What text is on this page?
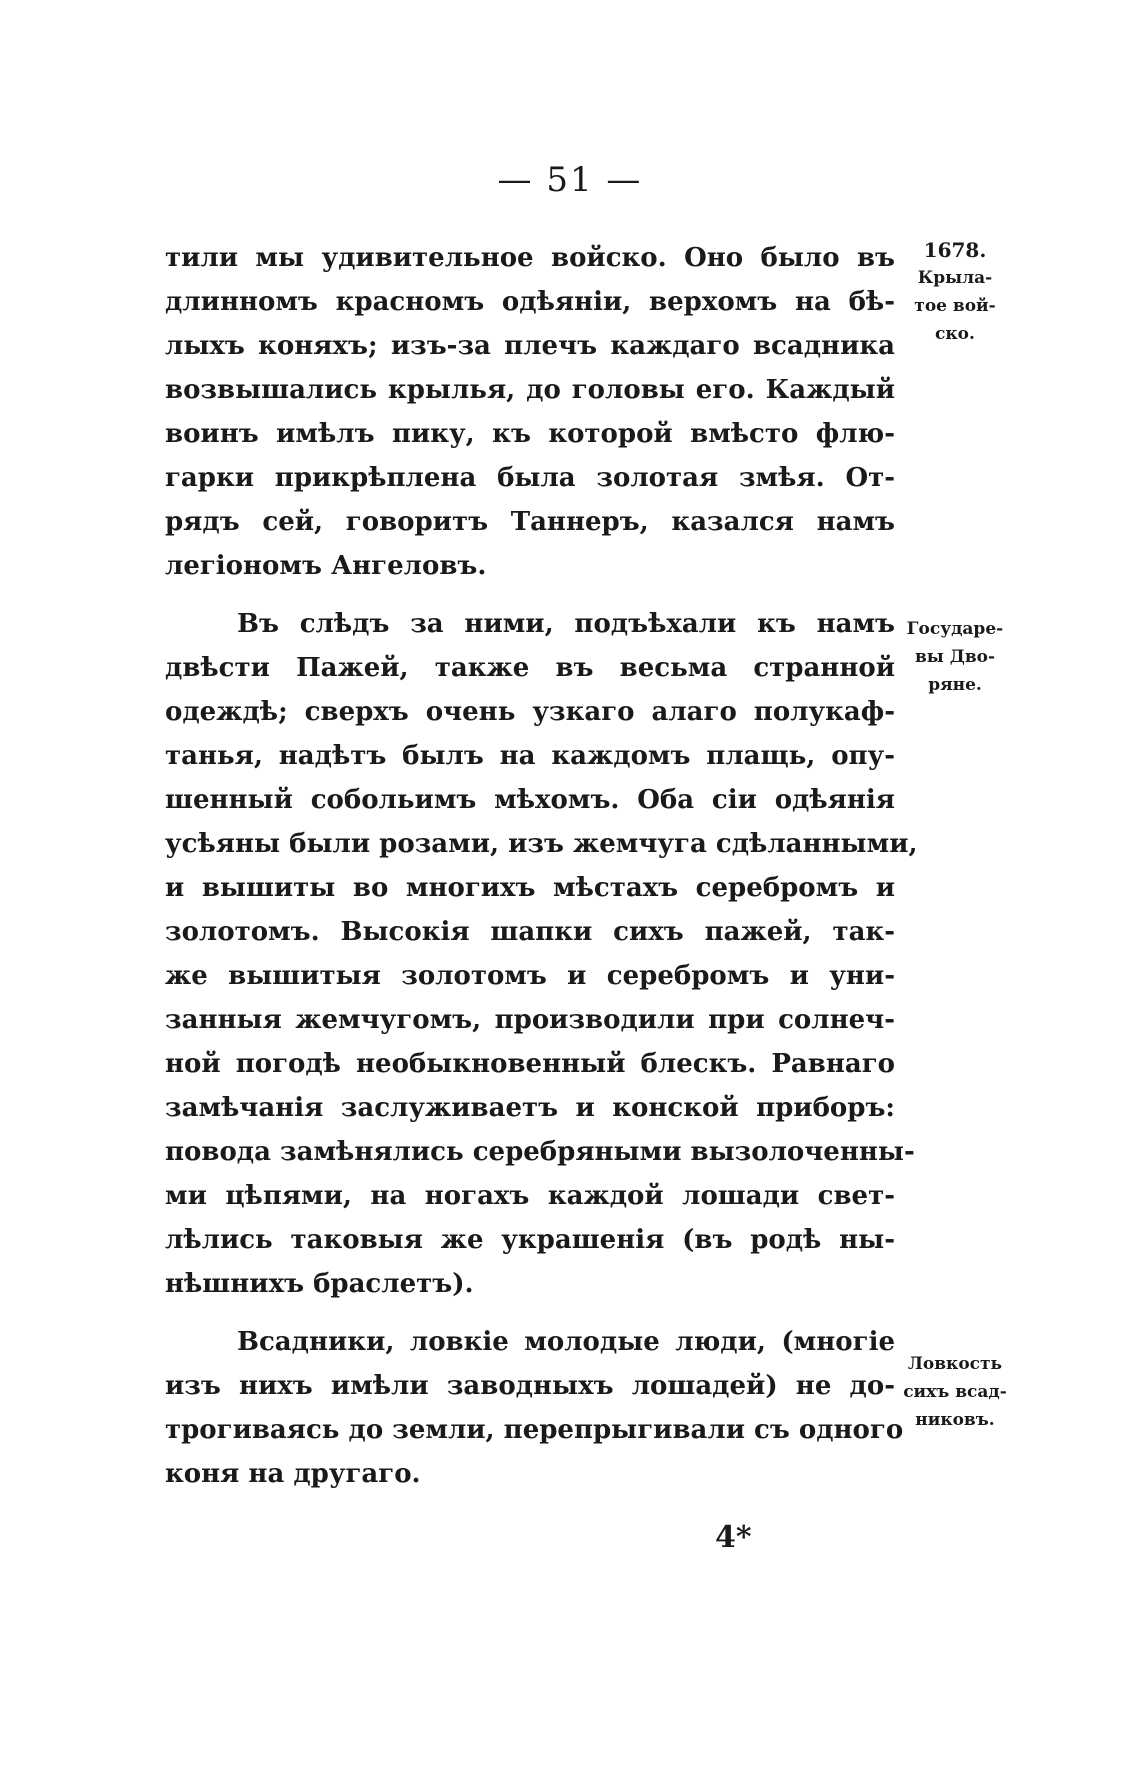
— 51 —
тили мы удивительное войско. Оно было въ
длинномъ красномъ одѣяніи, верхомъ на бѣ-
лыхъ коняхъ; изъ-за плечъ каждаго всадника
возвышались крылья, до головы его. Каждый
воинъ имѣлъ пику, къ которой вмѣсто флю-
гарки прикрѣплена была золотая змѣя. От-
рядъ сей, говоритъ Таннеръ, казался намъ
легіономъ Ангеловъ.
Въ слѣдъ за ними, подъѣхали къ намъ
двѣсти Пажей, также въ весьма странной
одеждѣ; сверхъ очень узкаго алаго полукаф-
танья, надѣтъ былъ на каждомъ плащь, опу-
шенный собольимъ мѣхомъ. Оба сіи одѣянія
усѣяны были розами, изъ жемчуга сдѣланными,
и вышиты во многихъ мѣстахъ серебромъ и
золотомъ. Высокія шапки сихъ пажей, так-
же вышитыя золотомъ и серебромъ и уни-
занныя жемчугомъ, производили при солнеч-
ной погодѣ необыкновенный блескъ. Равнаго
замѣчанія заслуживаетъ и конской приборъ:
повода замѣнялись серебряными вызолоченны-
ми цѣпями, на ногахъ каждой лошади свет-
лѣлись таковыя же украшенія (въ родѣ ны-
нѣшнихъ браслетъ).
Всадники, ловкіе молодые люди, (многіе
изъ нихъ имѣли заводныхъ лошадей) не до-
трогиваясь до земли, перепрыгивали съ одного
коня на другаго.
1678.
Крыла-
тое вой-
ско.
Государе-
вы Дво-
ряне.
Ловкость
сихъ всад-
никовъ.
4*
